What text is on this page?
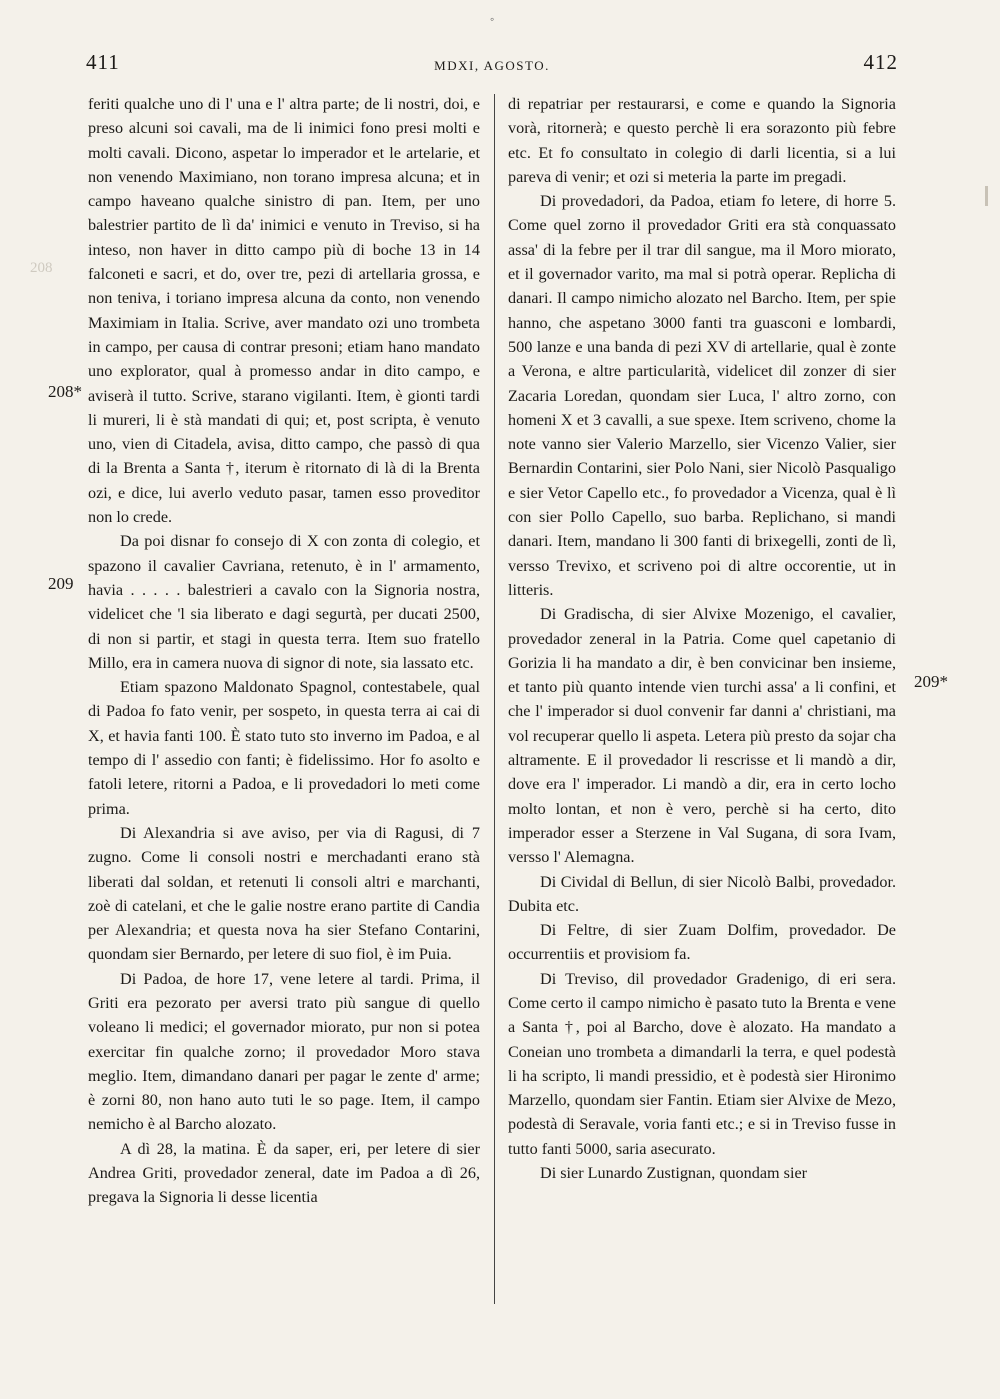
◦
411	MDXI, AGOSTO.	412
208
208*
209
209*

feriti qualche uno di l' una e l' altra parte; de li nostri, doi, e preso alcuni soi cavali, ma de li inimici fono presi molti e molti cavali. Dicono, aspetar lo imperador et le artelarie, et non venendo Maximiano, non torano impresa alcuna; et in campo haveano qualche sinistro di pan. Item, per uno balestrier partito de lì da' inimici e venuto in Treviso, si ha inteso, non haver in ditto campo più di boche 13 in 14 falconeti e sacri, et do, over tre, pezi di artellaria grossa, e non teniva, i toriano impresa alcuna da conto, non venendo Maximiam in Italia. Scrive, aver mandato ozi uno trombeta in campo, per causa di contrar presoni; etiam hano mandato uno explorator, qual à promesso andar in dito campo, e aviserà il tutto. Scrive, starano vigilanti. Item, è gionti tardi li mureri, li è stà mandati di qui; et, post scripta, è venuto uno, vien di Citadela, avisa, ditto campo, che passò di qua di la Brenta a Santa †, iterum è ritornato di là di la Brenta ozi, e dice, lui averlo veduto pasar, tamen esso proveditor non lo crede.

Da poi disnar fo consejo di X con zonta di colegio, et spazono il cavalier Cavriana, retenuto, è in l' armamento, havia . . . . . balestrieri a cavalo con la Signoria nostra, videlicet che 'l sia liberato e dagi segurtà, per ducati 2500, di non si partir, et stagi in questa terra. Item suo fratello Millo, era in camera nuova di signor di note, sia lassato etc.

Etiam spazono Maldonato Spagnol, contestabele, qual di Padoa fo fato venir, per sospeto, in questa terra ai cai di X, et havia fanti 100. È stato tuto sto inverno im Padoa, e al tempo di l' assedio con fanti; è fidelissimo. Hor fo asolto e fatoli letere, ritorni a Padoa, e li provedadori lo meti come prima.

Di Alexandria si ave aviso, per via di Ragusi, di 7 zugno. Come li consoli nostri e merchadanti erano stà liberati dal soldan, et retenuti li consoli altri e marchanti, zoè di catelani, et che le galie nostre erano partite di Candia per Alexandria; et questa nova ha sier Stefano Contarini, quondam sier Bernardo, per letere di suo fiol, è im Puia.

Di Padoa, de hore 17, vene letere al tardi. Prima, il Griti era pezorato per aversi trato più sangue di quello voleano li medici; el governador miorato, pur non si potea exercitar fin qualche zorno; il provedador Moro stava meglio. Item, dimandano danari per pagar le zente d' arme; è zorni 80, non hano auto tuti le so page. Item, il campo nemicho è al Barcho alozato.

A dì 28, la matina. È da saper, eri, per letere di sier Andrea Griti, provedador zeneral, date im Padoa a dì 26, pregava la Signoria li desse licentia

di repatriar per restaurarsi, e come e quando la Signoria vorà, ritornerà; e questo perchè li era sorazonto più febre etc. Et fo consultato in colegio di darli licentia, si a lui pareva di venir; et ozi si meteria la parte im pregadi.

Di provedadori, da Padoa, etiam fo letere, di horre 5. Come quel zorno il provedador Griti era stà conquassato assa' di la febre per il trar dil sangue, ma il Moro miorato, et il governador varito, ma mal si potrà operar. Replicha di danari. Il campo nimicho alozato nel Barcho. Item, per spie hanno, che aspetano 3000 fanti tra guasconi e lombardi, 500 lanze e una banda di pezi XV di artellarie, qual è zonte a Verona, e altre particularità, videlicet dil zonzer di sier Zacaria Loredan, quondam sier Luca, l' altro zorno, con homeni X et 3 cavalli, a sue spexe. Item scriveno, chome la note vanno sier Valerio Marzello, sier Vicenzo Valier, sier Bernardin Contarini, sier Polo Nani, sier Nicolò Pasqualigo e sier Vetor Capello etc., fo provedador a Vicenza, qual è lì con sier Pollo Capello, suo barba. Replichano, si mandi danari. Item, mandano li 300 fanti di brixegelli, zonti de lì, versso Trevixo, et scriveno poi di altre occorentie, ut in litteris.

Di Gradischa, di sier Alvixe Mozenigo, el cavalier, provedador zeneral in la Patria. Come quel capetanio di Gorizia li ha mandato a dir, è ben convicinar ben insieme, et tanto più quanto intende vien turchi assa' a li confini, et che l' imperador si duol convenir far danni a' christiani, ma vol recuperar quello li aspeta. Letera più presto da sojar cha altramente. E il provedador li rescrisse et li mandò a dir, dove era l' imperador. Li mandò a dir, era in certo locho molto lontan, et non è vero, perchè si ha certo, dito imperador esser a Sterzene in Val Sugana, di sora Ivam, versso l' Alemagna.

Di Cividal di Bellun, di sier Nicolò Balbi, provedador. Dubita etc.

Di Feltre, di sier Zuam Dolfim, provedador. De occurrentiis et provisiom fa.

Di Treviso, dil provedador Gradenigo, di eri sera. Come certo il campo nimicho è pasato tuto la Brenta e vene a Santa †, poi al Barcho, dove è alozato. Ha mandato a Coneian uno trombeta a dimandarli la terra, e quel podestà li ha scripto, li mandi pressidio, et è podestà sier Hironimo Marzello, quondam sier Fantin. Etiam sier Alvixe de Mezo, podestà di Seravale, voria fanti etc.; e si in Treviso fusse in tutto fanti 5000, saria asecurato.

Di sier Lunardo Zustignan, quondam sier
